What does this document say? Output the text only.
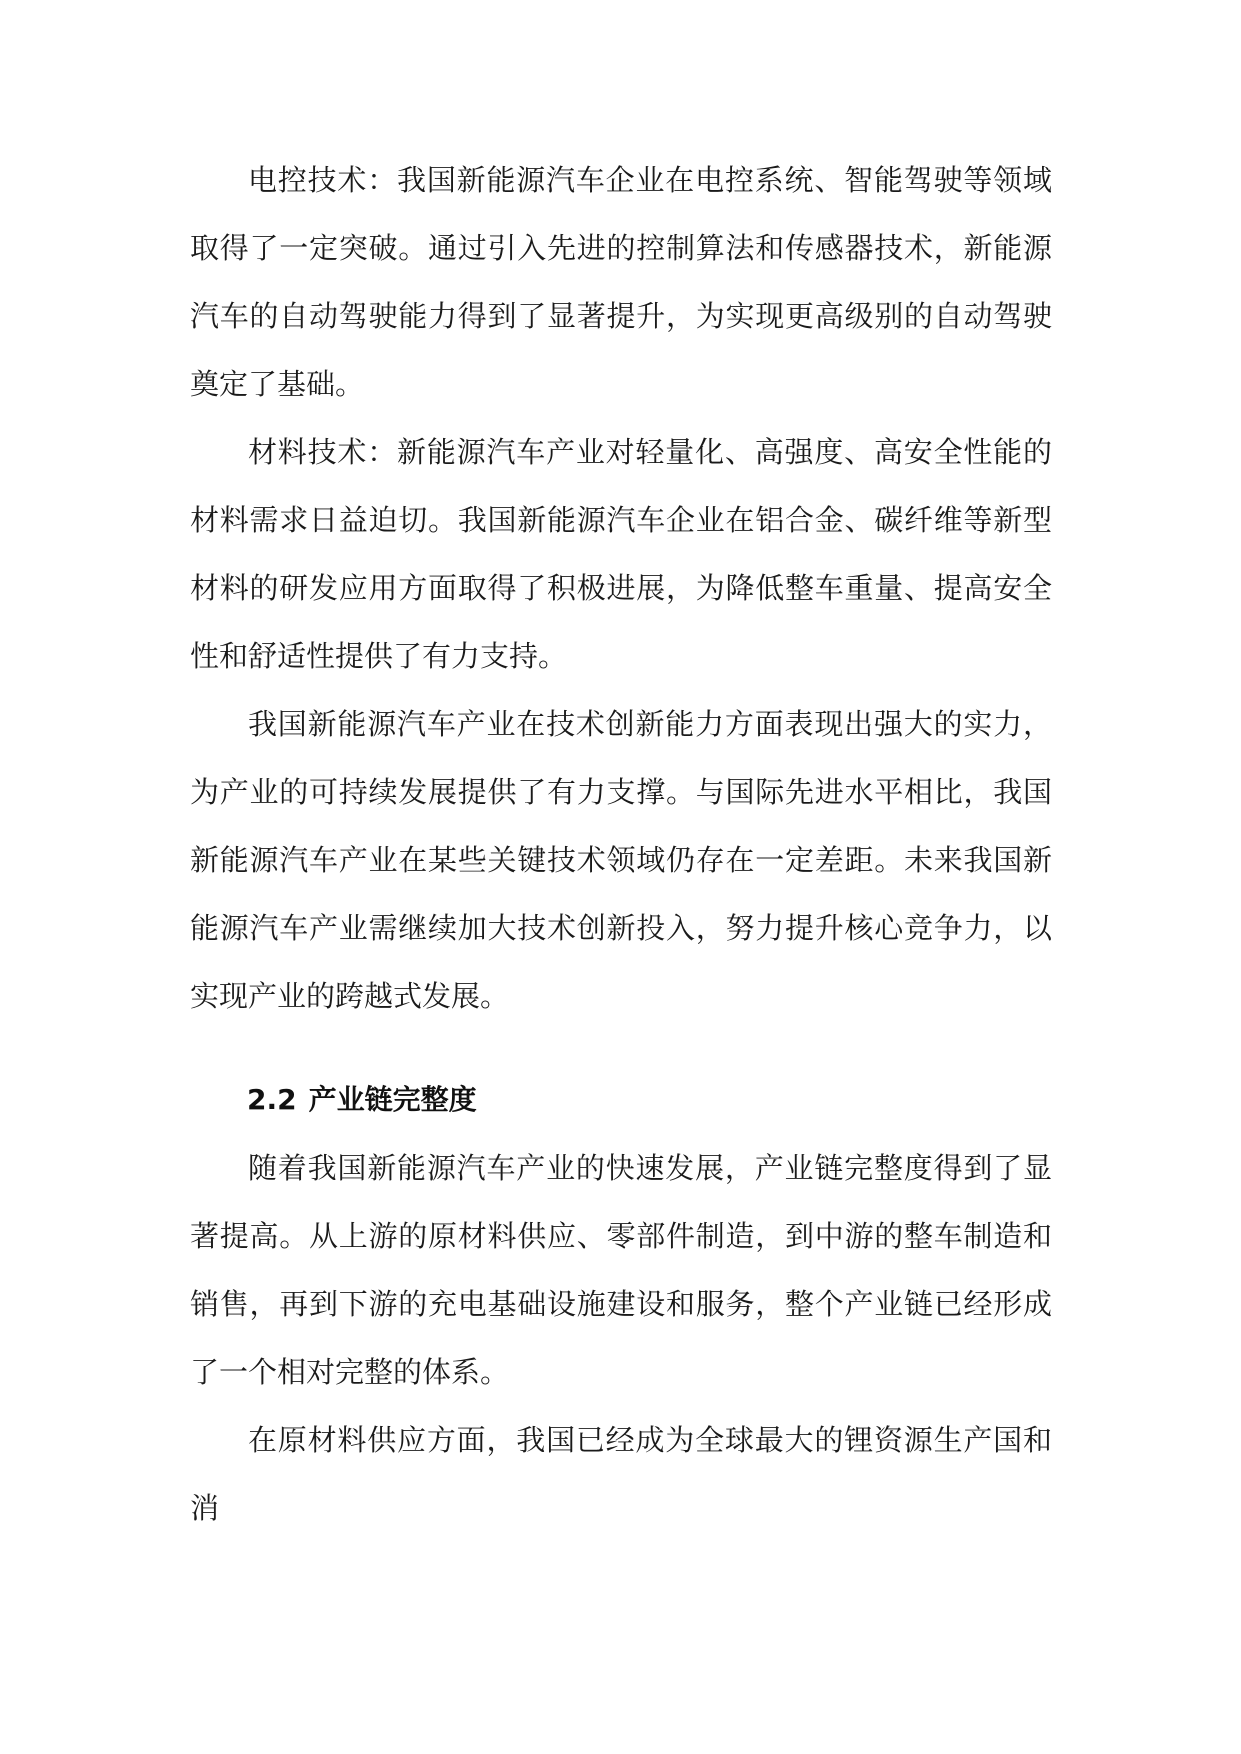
电控技术：我国新能源汽车企业在电控系统、智能驾驶等领域取得了一定突破。通过引入先进的控制算法和传感器技术，新能源汽车的自动驾驶能力得到了显著提升，为实现更高级别的自动驾驶奠定了基础。

材料技术：新能源汽车产业对轻量化、高强度、高安全性能的材料需求日益迫切。我国新能源汽车企业在铝合金、碳纤维等新型材料的研发应用方面取得了积极进展，为降低整车重量、提高安全性和舒适性提供了有力支持。

我国新能源汽车产业在技术创新能力方面表现出强大的实力，为产业的可持续发展提供了有力支撑。与国际先进水平相比，我国新能源汽车产业在某些关键技术领域仍存在一定差距。未来我国新能源汽车产业需继续加大技术创新投入，努力提升核心竞争力，以实现产业的跨越式发展。

2.2 产业链完整度

随着我国新能源汽车产业的快速发展，产业链完整度得到了显著提高。从上游的原材料供应、零部件制造，到中游的整车制造和销售，再到下游的充电基础设施建设和服务，整个产业链已经形成了一个相对完整的体系。

在原材料供应方面，我国已经成为全球最大的锂资源生产国和消
